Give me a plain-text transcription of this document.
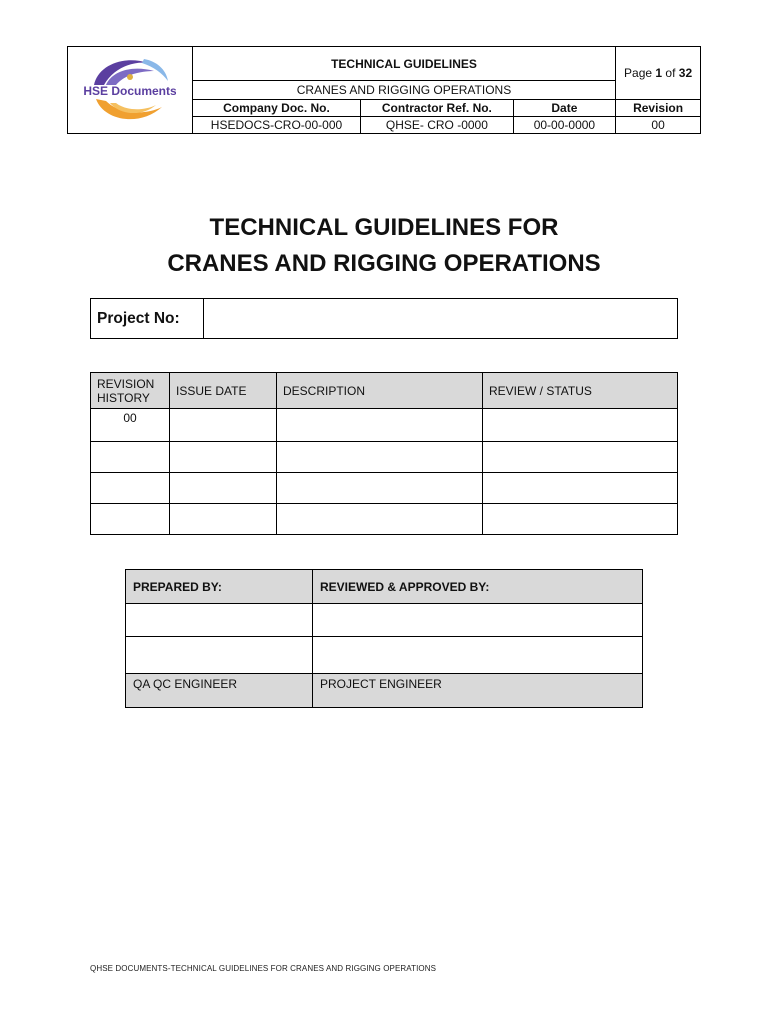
HSE Documents	TECHNICAL GUIDELINES			Page 1 of 32
	CRANES AND RIGGING OPERATIONS			
	Company Doc. No.	Contractor Ref. No.	Date	Revision
	HSEDOCS-CRO-00-000	QHSE- CRO -0000	00-00-0000	00
TECHNICAL GUIDELINES FOR
CRANES AND RIGGING OPERATIONS
Project No:	
REVISION HISTORY	ISSUE DATE	DESCRIPTION	REVIEW / STATUS
00			

PREPARED BY:	REVIEWED & APPROVED BY:

QA QC ENGINEER	PROJECT ENGINEER
QHSE DOCUMENTS-TECHNICAL GUIDELINES FOR CRANES AND RIGGING OPERATIONS
